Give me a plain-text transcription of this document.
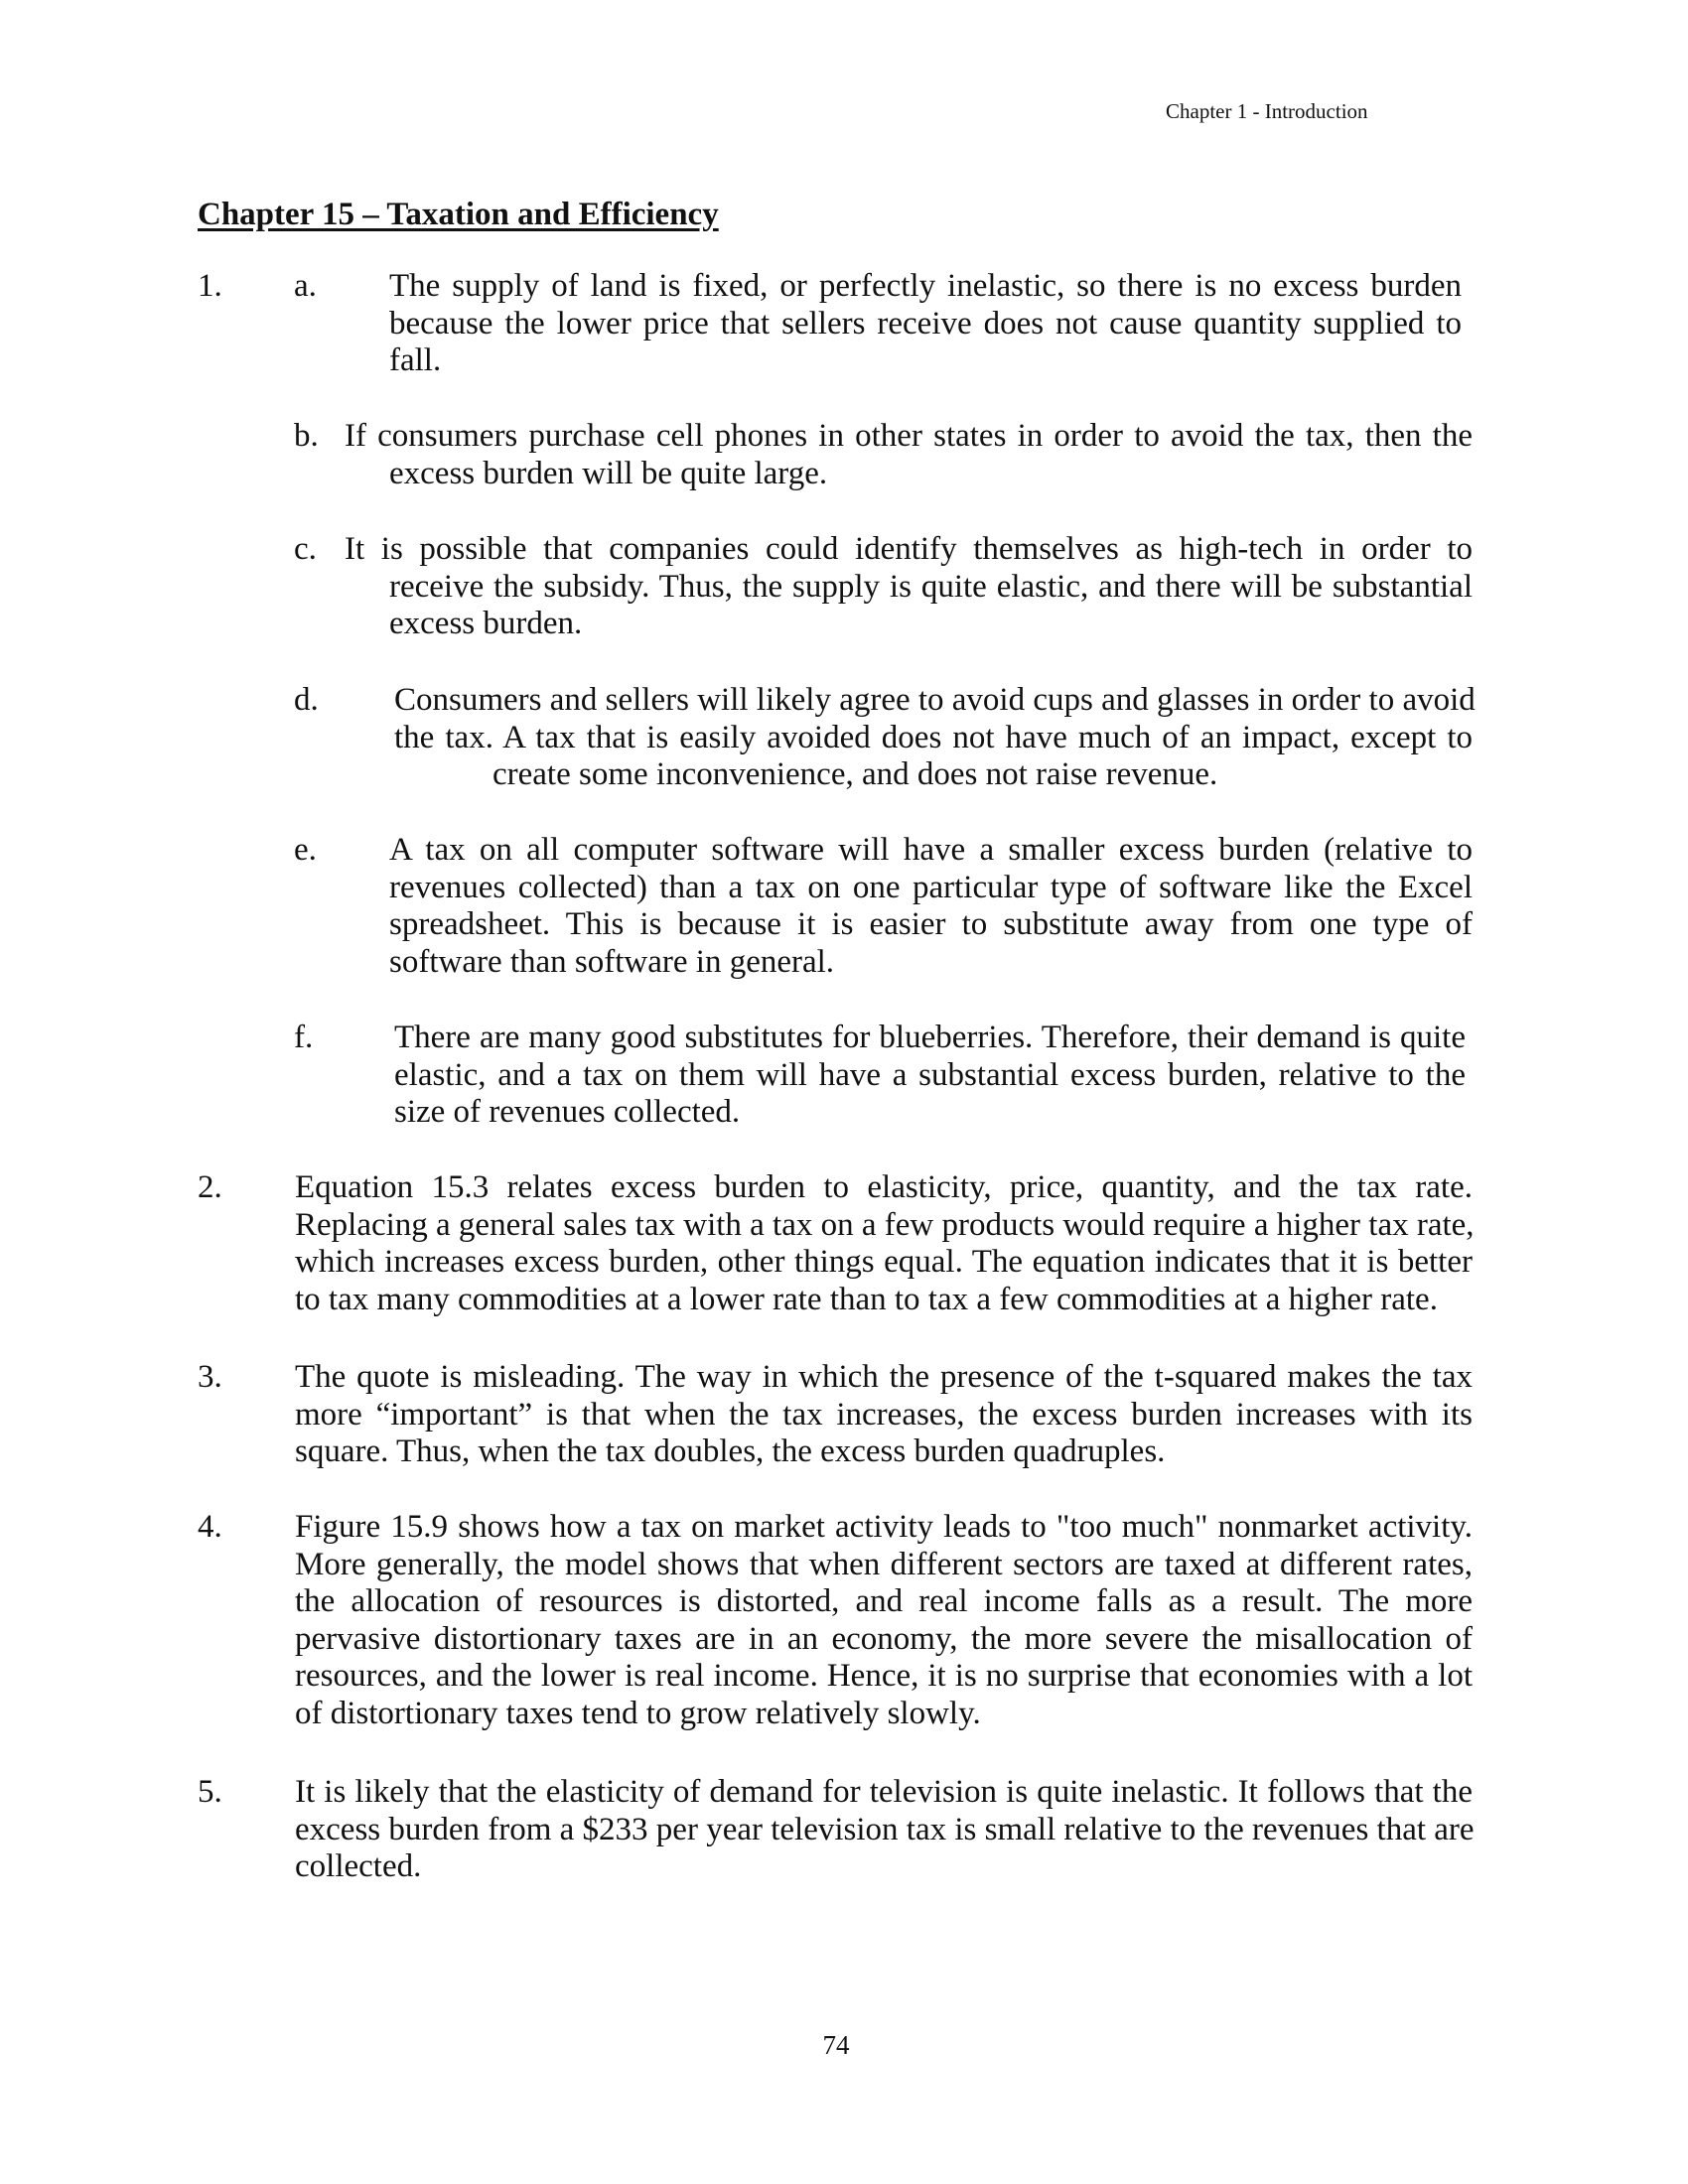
Chapter 1 - Introduction
Chapter 15 – Taxation and Efficiency
1. a. The supply of land is fixed, or perfectly inelastic, so there is no excess burden
because the lower price that sellers receive does not cause quantity supplied to
fall.
b. If consumers purchase cell phones in other states in order to avoid the tax, then the
excess burden will be quite large.
c. It is possible that companies could identify themselves as high-tech in order to
receive the subsidy. Thus, the supply is quite elastic, and there will be substantial
excess burden.
d. Consumers and sellers will likely agree to avoid cups and glasses in order to avoid
the tax. A tax that is easily avoided does not have much of an impact, except to
create some inconvenience, and does not raise revenue.
e. A tax on all computer software will have a smaller excess burden (relative to
revenues collected) than a tax on one particular type of software like the Excel
spreadsheet. This is because it is easier to substitute away from one type of
software than software in general.
f. There are many good substitutes for blueberries. Therefore, their demand is quite
elastic, and a tax on them will have a substantial excess burden, relative to the
size of revenues collected.
2. Equation 15.3 relates excess burden to elasticity, price, quantity, and the tax rate.
Replacing a general sales tax with a tax on a few products would require a higher tax rate,
which increases excess burden, other things equal. The equation indicates that it is better
to tax many commodities at a lower rate than to tax a few commodities at a higher rate.
3. The quote is misleading. The way in which the presence of the t-squared makes the tax
more “important” is that when the tax increases, the excess burden increases with its
square. Thus, when the tax doubles, the excess burden quadruples.
4. Figure 15.9 shows how a tax on market activity leads to "too much" nonmarket activity.
More generally, the model shows that when different sectors are taxed at different rates,
the allocation of resources is distorted, and real income falls as a result. The more
pervasive distortionary taxes are in an economy, the more severe the misallocation of
resources, and the lower is real income. Hence, it is no surprise that economies with a lot
of distortionary taxes tend to grow relatively slowly.
5. It is likely that the elasticity of demand for television is quite inelastic. It follows that the
excess burden from a $233 per year television tax is small relative to the revenues that are
collected.
74
